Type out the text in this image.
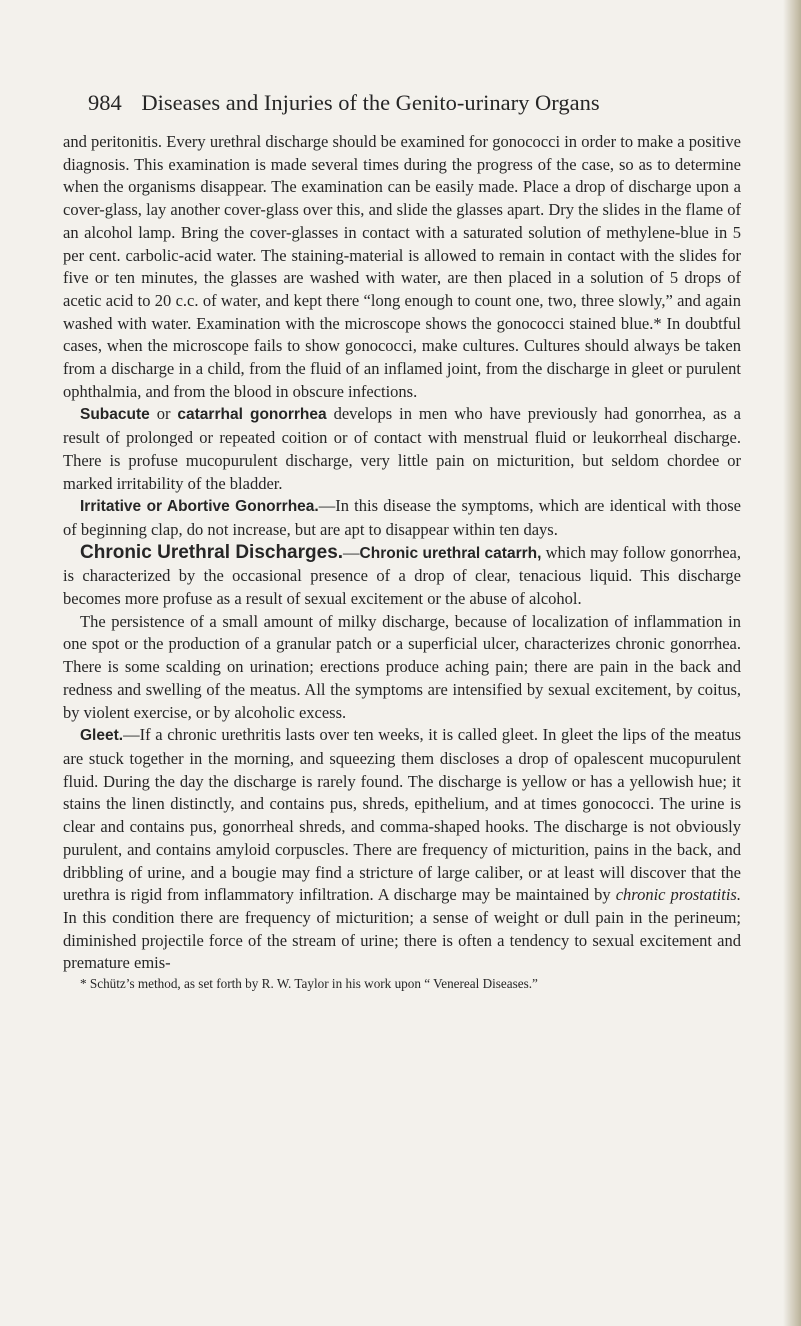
984 Diseases and Injuries of the Genito-urinary Organs

and peritonitis. Every urethral discharge should be examined for gonococci in order to make a positive diagnosis. This examination is made several times during the progress of the case, so as to determine when the organisms disappear. The examination can be easily made. Place a drop of discharge upon a cover-glass, lay another cover-glass over this, and slide the glasses apart. Dry the slides in the flame of an alcohol lamp. Bring the cover-glasses in contact with a saturated solution of methylene-blue in 5 per cent. carbolic-acid water. The staining-material is allowed to remain in contact with the slides for five or ten minutes, the glasses are washed with water, are then placed in a solution of 5 drops of acetic acid to 20 c.c. of water, and kept there “long enough to count one, two, three slowly,” and again washed with water. Examination with the microscope shows the gonococci stained blue.* In doubtful cases, when the microscope fails to show gonococci, make cultures. Cultures should always be taken from a discharge in a child, from the fluid of an inflamed joint, from the discharge in gleet or purulent ophthalmia, and from the blood in obscure infections.

Subacute or catarrhal gonorrhea develops in men who have previously had gonorrhea, as a result of prolonged or repeated coition or of contact with menstrual fluid or leukorrheal discharge. There is profuse mucopurulent discharge, very little pain on micturition, but seldom chordee or marked irritability of the bladder.

Irritative or Abortive Gonorrhea.—In this disease the symptoms, which are identical with those of beginning clap, do not increase, but are apt to disappear within ten days.

Chronic Urethral Discharges.—Chronic urethral catarrh, which may follow gonorrhea, is characterized by the occasional presence of a drop of clear, tenacious liquid. This discharge becomes more profuse as a result of sexual excitement or the abuse of alcohol.

The persistence of a small amount of milky discharge, because of localization of inflammation in one spot or the production of a granular patch or a superficial ulcer, characterizes chronic gonorrhea. There is some scalding on urination; erections produce aching pain; there are pain in the back and redness and swelling of the meatus. All the symptoms are intensified by sexual excitement, by coitus, by violent exercise, or by alcoholic excess.

Gleet.—If a chronic urethritis lasts over ten weeks, it is called gleet. In gleet the lips of the meatus are stuck together in the morning, and squeezing them discloses a drop of opalescent mucopurulent fluid. During the day the discharge is rarely found. The discharge is yellow or has a yellowish hue; it stains the linen distinctly, and contains pus, shreds, epithelium, and at times gonococci. The urine is clear and contains pus, gonorrheal shreds, and comma-shaped hooks. The discharge is not obviously purulent, and contains amyloid corpuscles. There are frequency of micturition, pains in the back, and dribbling of urine, and a bougie may find a stricture of large caliber, or at least will discover that the urethra is rigid from inflammatory infiltration. A discharge may be maintained by chronic prostatitis. In this condition there are frequency of micturition; a sense of weight or dull pain in the perineum; diminished projectile force of the stream of urine; there is often a tendency to sexual excitement and premature emis-

* Schütz’s method, as set forth by R. W. Taylor in his work upon “ Venereal Diseases.”
